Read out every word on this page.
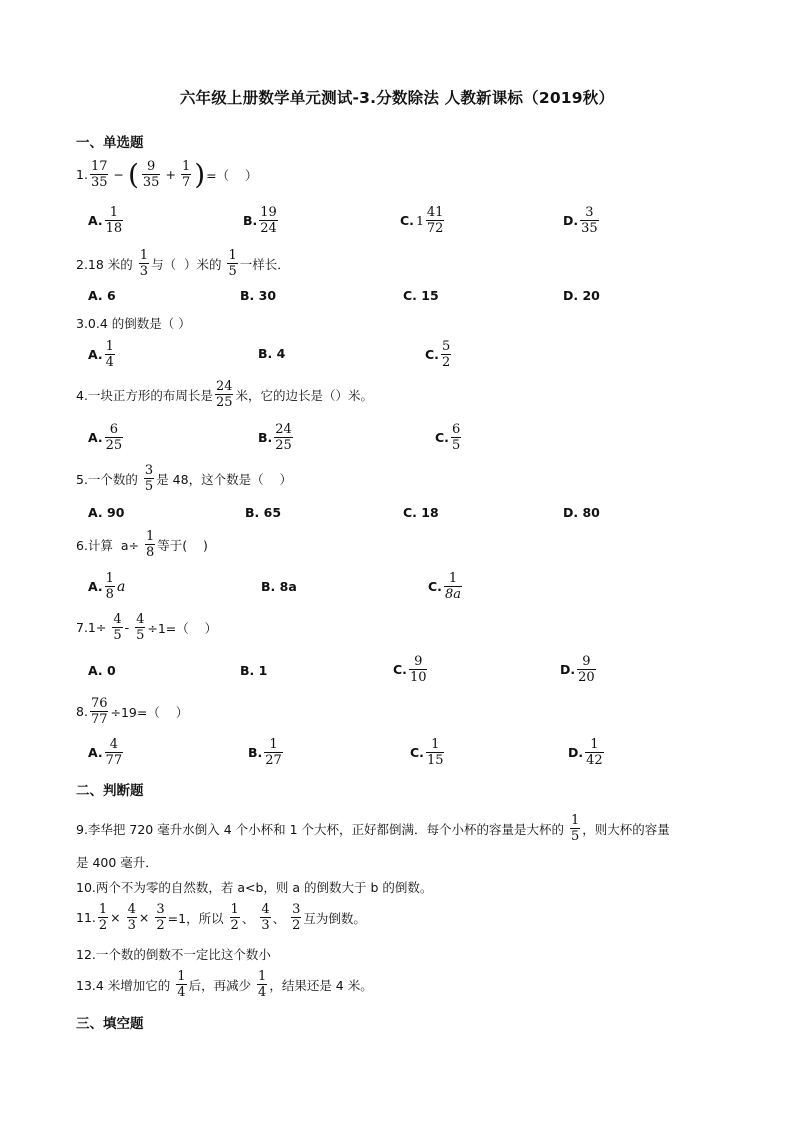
六年级上册数学单元测试-3.分数除法 人教新课标（2019秋）
一、单选题
1.
17
35
− ( 9
35
+ $\frac{1}{7}$ ) =（    ）
A.
1
18
B.
19
24
C. 1
41
72
D.
3
35
2.18 米的
1
3 与（  ）米的
1
5 一样长．
A. 6	B. 30	C. 15	D. 20
3.0.4 的倒数是（ ）
A.
1
4
B. 4	C.
5
2
4.一块正方形的布周长是
24
25 米，它的边长是（）米。
A.
6
25
B.
24
25
C.
6
5
5.一个数的
3
5 是 48，这个数是（    ）
A. 90	B. 65	C. 18	D. 80
6.计算  $a\div \frac{1}{8}$ 等于(    )
A.
1
8 a	B. 8a	C.
1
8a
$7.1\div \frac{4}{5} - \frac{4}{5} \div 1=$（    ）
A. 0	B. 1	C.
9
10
D.
9
20
8. $\frac{76}{77} \div 19=$（    ）
A.
4
77
B.
1
27
C.
1
15
D.
1
42
二、判断题
9.李华把 720 毫升水倒入 4 个小杯和 1 个大杯，正好都倒满．每个小杯的容量是大杯的
1
5 ，则大杯的容量
是 400 毫升．
10.两个不为零的自然数，若 a<b，则 a 的倒数大于 b 的倒数。
11. $\frac{1}{2} \times \frac{4}{3} \times \frac{3}{2} =1$，所以
1
2 、
4
3 、
3
2 互为倒数。
12.一个数的倒数不一定比这个数小
13.4 米增加它的
1
4 后，再减少
1
4 ，结果还是 4 米。
三、填空题
